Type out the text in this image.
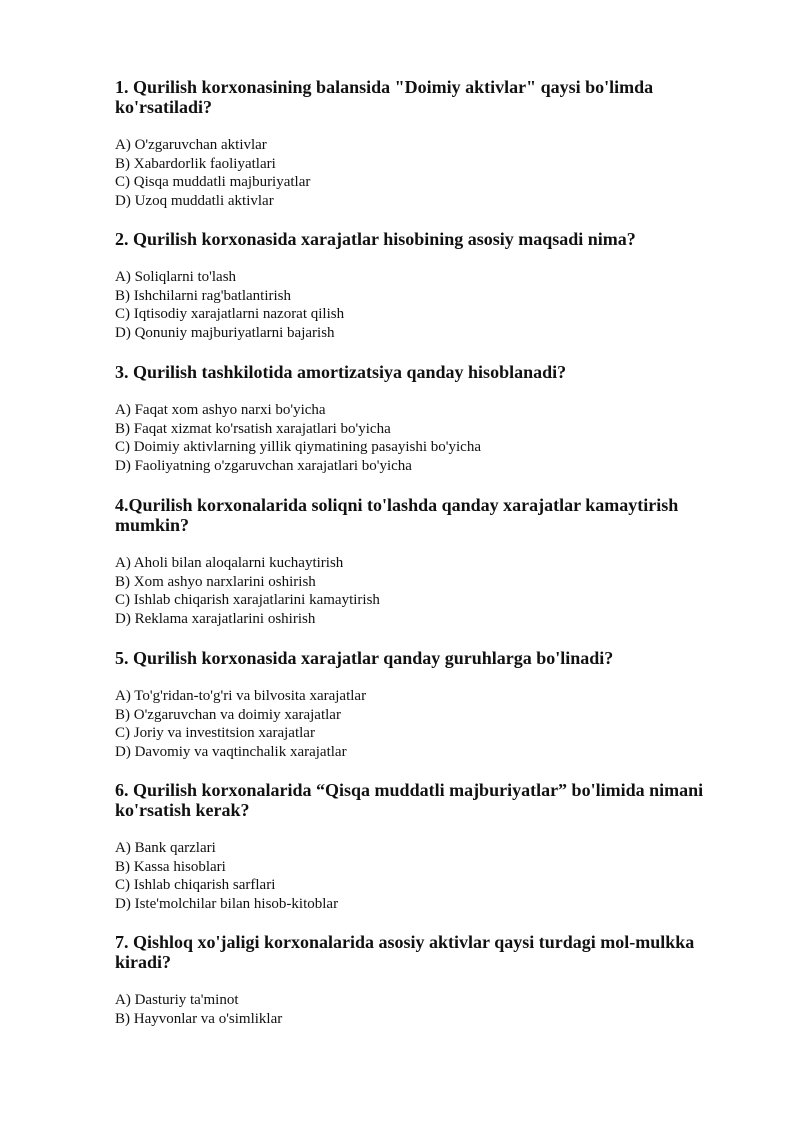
1. Qurilish korxonasining balansida "Doimiy aktivlar" qaysi bo'limda ko'rsatiladi?

A) O'zgaruvchan aktivlar
B) Xabardorlik faoliyatlari
C) Qisqa muddatli majburiyatlar
D) Uzoq muddatli aktivlar

2. Qurilish korxonasida xarajatlar hisobining asosiy maqsadi nima?

A) Soliqlarni to'lash
B) Ishchilarni rag'batlantirish
C) Iqtisodiy xarajatlarni nazorat qilish
D) Qonuniy majburiyatlarni bajarish

3. Qurilish tashkilotida amortizatsiya qanday hisoblanadi?

A) Faqat xom ashyo narxi bo'yicha
B) Faqat xizmat ko'rsatish xarajatlari bo'yicha
C) Doimiy aktivlarning yillik qiymatining pasayishi bo'yicha
D) Faoliyatning o'zgaruvchan xarajatlari bo'yicha

4.Qurilish korxonalarida soliqni to'lashda qanday xarajatlar kamaytirish mumkin?

A) Aholi bilan aloqalarni kuchaytirish
B) Xom ashyo narxlarini oshirish
C) Ishlab chiqarish xarajatlarini kamaytirish
D) Reklama xarajatlarini oshirish

5. Qurilish korxonasida xarajatlar qanday guruhlarga bo'linadi?

A) To'g'ridan-to'g'ri va bilvosita xarajatlar
B) O'zgaruvchan va doimiy xarajatlar
C) Joriy va investitsion xarajatlar
D) Davomiy va vaqtinchalik xarajatlar

6. Qurilish korxonalarida “Qisqa muddatli majburiyatlar” bo'limida nimani ko'rsatish kerak?

A) Bank qarzlari
B) Kassa hisoblari
C) Ishlab chiqarish sarflari
D) Iste'molchilar bilan hisob-kitoblar

7. Qishloq xo'jaligi korxonalarida asosiy aktivlar qaysi turdagi mol-mulkka kiradi?

A) Dasturiy ta'minot
B) Hayvonlar va o'simliklar
